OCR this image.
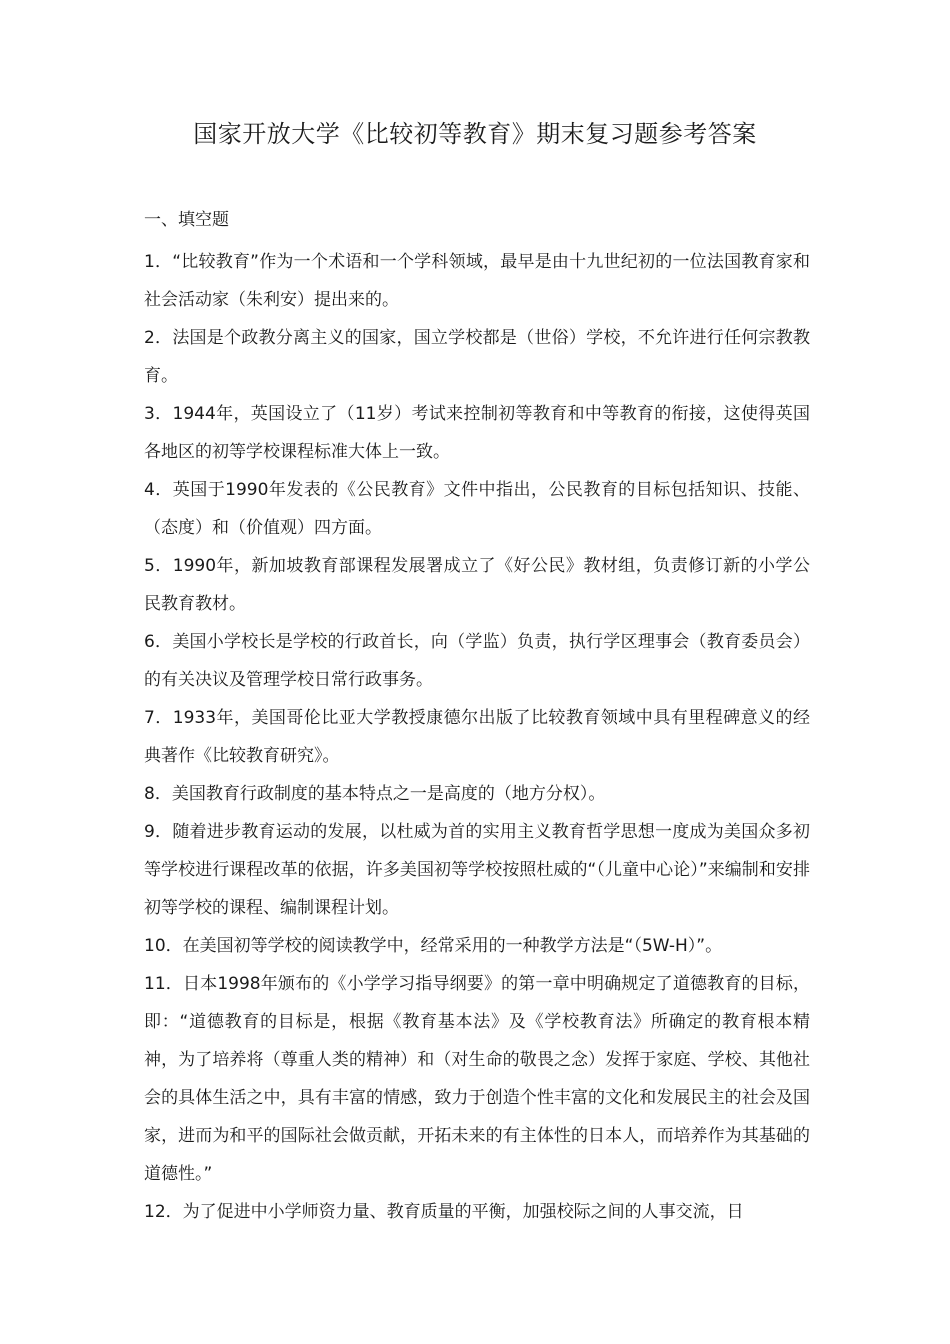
国家开放大学《比较初等教育》期末复习题参考答案
一、填空题
1．“比较教育”作为一个术语和一个学科领域，最早是由十九世纪初的一位法国教育家和社会活动家（朱利安）提出来的。
2．法国是个政教分离主义的国家，国立学校都是（世俗）学校，不允许进行任何宗教教育。
3．1944年，英国设立了（11岁）考试来控制初等教育和中等教育的衔接，这使得英国各地区的初等学校课程标准大体上一致。
4．英国于1990年发表的《公民教育》文件中指出，公民教育的目标包括知识、技能、（态度）和（价值观）四方面。
5．1990年，新加坡教育部课程发展署成立了《好公民》教材组，负责修订新的小学公民教育教材。
6．美国小学校长是学校的行政首长，向（学监）负责，执行学区理事会（教育委员会）的有关决议及管理学校日常行政事务。
7．1933年，美国哥伦比亚大学教授康德尔出版了比较教育领域中具有里程碑意义的经典著作《比较教育研究》。
8．美国教育行政制度的基本特点之一是高度的（地方分权）。
9．随着进步教育运动的发展，以杜威为首的实用主义教育哲学思想一度成为美国众多初等学校进行课程改革的依据，许多美国初等学校按照杜威的“（儿童中心论）”来编制和安排初等学校的课程、编制课程计划。
10．在美国初等学校的阅读教学中，经常采用的一种教学方法是“（5W-H）”。
11．日本1998年颁布的《小学学习指导纲要》的第一章中明确规定了道德教育的目标，即：“道德教育的目标是，根据《教育基本法》及《学校教育法》所确定的教育根本精神，为了培养将（尊重人类的精神）和（对生命的敬畏之念）发挥于家庭、学校、其他社会的具体生活之中，具有丰富的情感，致力于创造个性丰富的文化和发展民主的社会及国家，进而为和平的国际社会做贡献，开拓未来的有主体性的日本人，而培养作为其基础的道德性。”
12．为了促进中小学师资力量、教育质量的平衡，加强校际之间的人事交流，日
